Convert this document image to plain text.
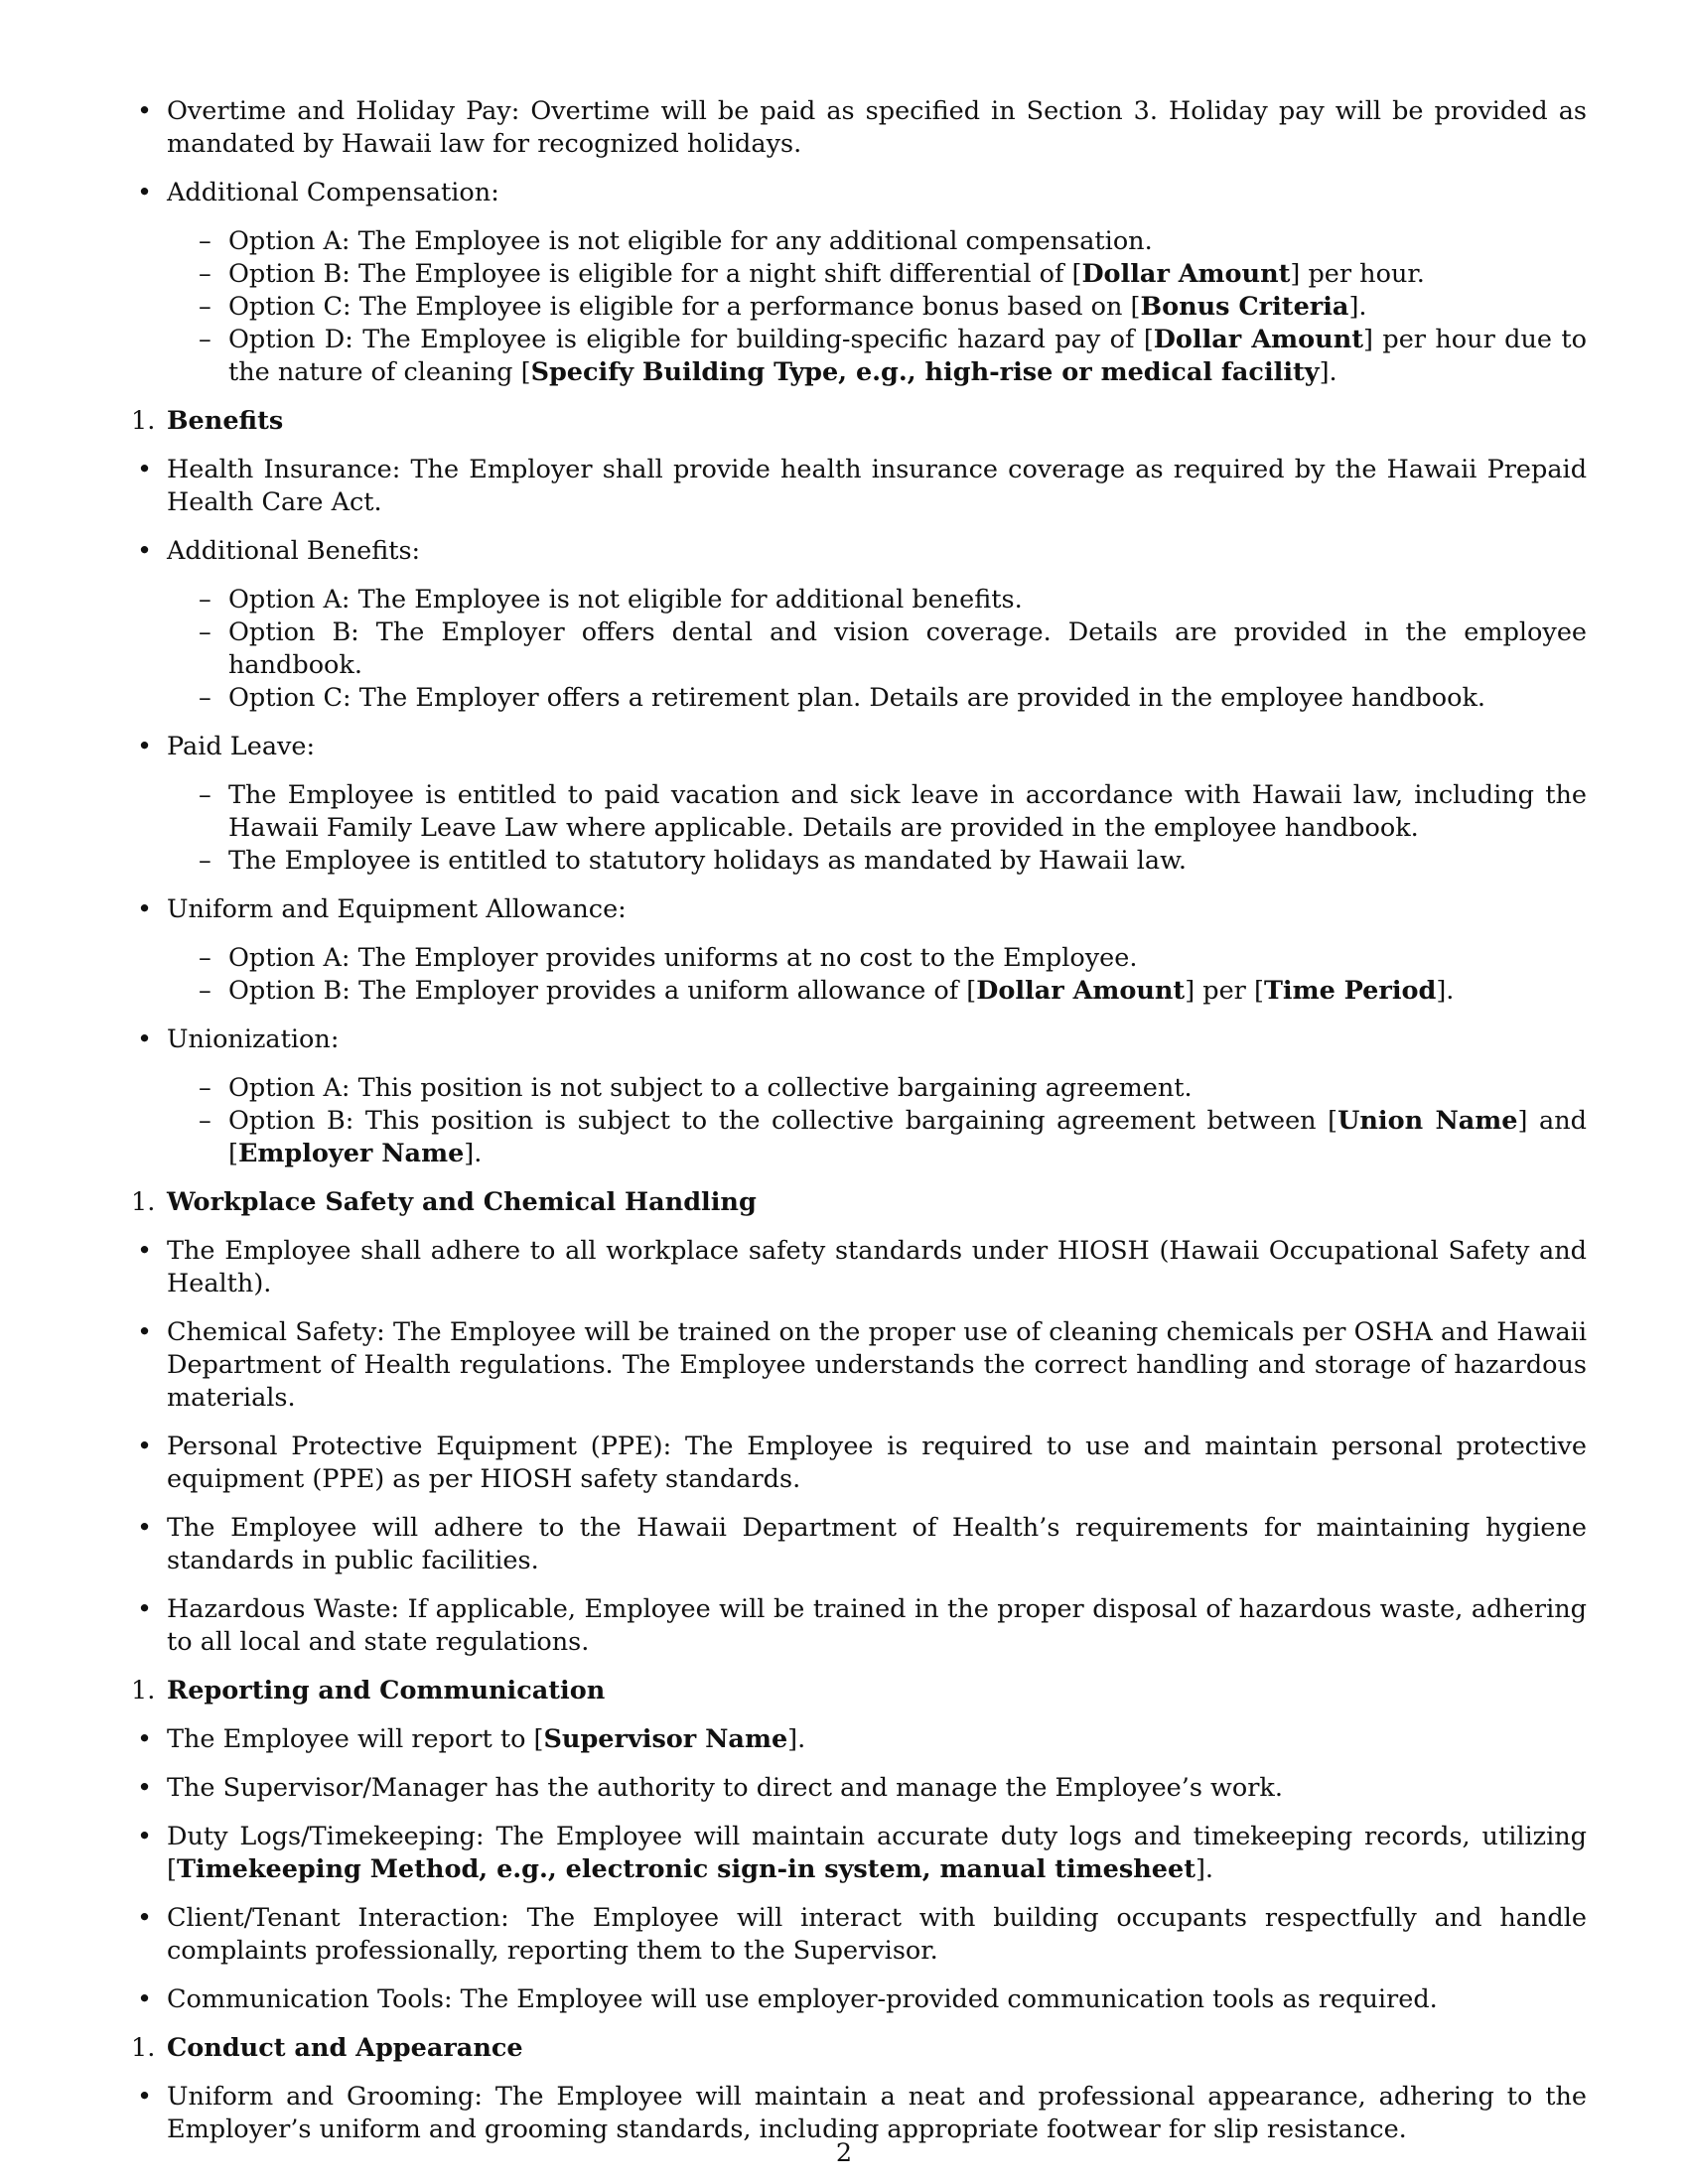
• Overtime and Holiday Pay: Overtime will be paid as specified in Section 3. Holiday pay will be provided as mandated by Hawaii law for recognized holidays.
• Additional Compensation:
– Option A: The Employee is not eligible for any additional compensation.
– Option B: The Employee is eligible for a night shift differential of [Dollar Amount] per hour.
– Option C: The Employee is eligible for a performance bonus based on [Bonus Criteria].
– Option D: The Employee is eligible for building-specific hazard pay of [Dollar Amount] per hour due to the nature of cleaning [Specify Building Type, e.g., high-rise or medical facility].
1. Benefits
• Health Insurance: The Employer shall provide health insurance coverage as required by the Hawaii Prepaid Health Care Act.
• Additional Benefits:
– Option A: The Employee is not eligible for additional benefits.
– Option B: The Employer offers dental and vision coverage. Details are provided in the employee handbook.
– Option C: The Employer offers a retirement plan. Details are provided in the employee handbook.
• Paid Leave:
– The Employee is entitled to paid vacation and sick leave in accordance with Hawaii law, including the Hawaii Family Leave Law where applicable. Details are provided in the employee handbook.
– The Employee is entitled to statutory holidays as mandated by Hawaii law.
• Uniform and Equipment Allowance:
– Option A: The Employer provides uniforms at no cost to the Employee.
– Option B: The Employer provides a uniform allowance of [Dollar Amount] per [Time Period].
• Unionization:
– Option A: This position is not subject to a collective bargaining agreement.
– Option B: This position is subject to the collective bargaining agreement between [Union Name] and [Employer Name].
1. Workplace Safety and Chemical Handling
• The Employee shall adhere to all workplace safety standards under HIOSH (Hawaii Occupational Safety and Health).
• Chemical Safety: The Employee will be trained on the proper use of cleaning chemicals per OSHA and Hawaii Department of Health regulations. The Employee understands the correct handling and storage of hazardous materials.
• Personal Protective Equipment (PPE): The Employee is required to use and maintain personal protective equipment (PPE) as per HIOSH safety standards.
• The Employee will adhere to the Hawaii Department of Health’s requirements for maintaining hygiene standards in public facilities.
• Hazardous Waste: If applicable, Employee will be trained in the proper disposal of hazardous waste, adhering to all local and state regulations.
1. Reporting and Communication
• The Employee will report to [Supervisor Name].
• The Supervisor/Manager has the authority to direct and manage the Employee’s work.
• Duty Logs/Timekeeping: The Employee will maintain accurate duty logs and timekeeping records, utilizing [Timekeeping Method, e.g., electronic sign-in system, manual timesheet].
• Client/Tenant Interaction: The Employee will interact with building occupants respectfully and handle complaints professionally, reporting them to the Supervisor.
• Communication Tools: The Employee will use employer-provided communication tools as required.
1. Conduct and Appearance
• Uniform and Grooming: The Employee will maintain a neat and professional appearance, adhering to the Employer’s uniform and grooming standards, including appropriate footwear for slip resistance.
2
